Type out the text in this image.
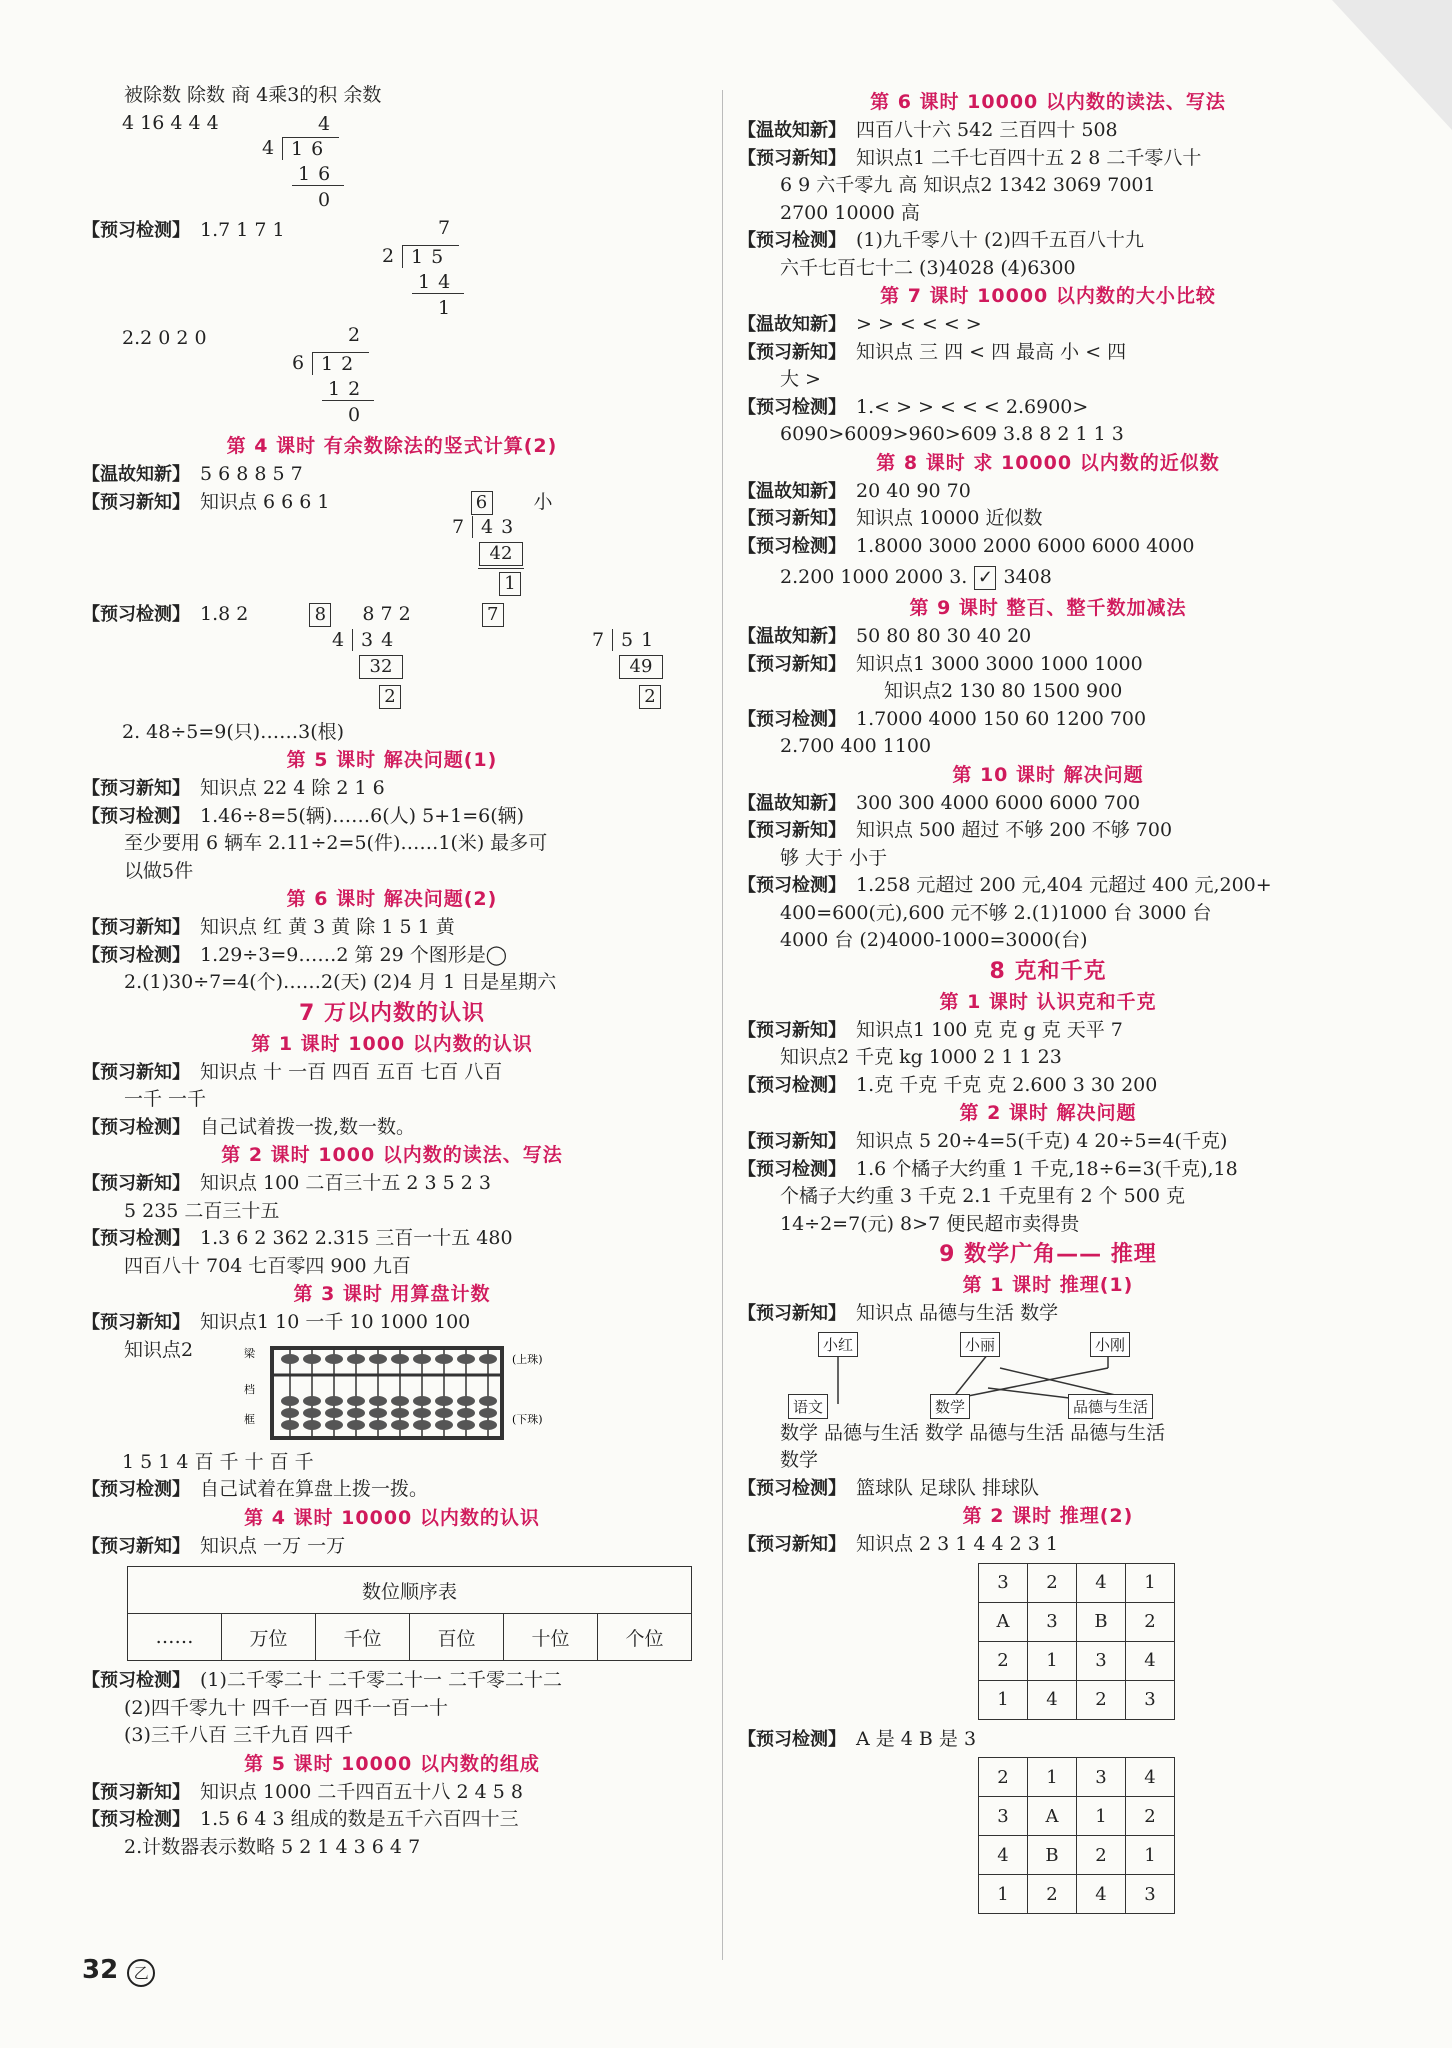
被除数 除数 商 4乘3的积 余数
4 16 4 4 4
4 16
4
16
0
【预习检测】 1.7 1 7 1
2 15
7
14
1
2.2 0 2 0
6 12
2
12
0
第 4 课时 有余数除法的竖式计算(2)
【温故知新】 5 6 8 8 5 7
【预习新知】 知识点 6 6 6 1	6 小
7 43
42
1
【预习检测】 1.8 2	8 8 7 2	7
4 34
32
2
7 51
49
2
2. 48÷5=9(只)……3(根)
第 5 课时 解决问题(1)
【预习新知】 知识点 22 4 除 2 1 6
【预习检测】 1.46÷8=5(辆)……6(人) 5+1=6(辆)
至少要用 6 辆车 2.11÷2=5(件)……1(米) 最多可
以做5件
第 6 课时 解决问题(2)
【预习新知】 知识点 红 黄 3 黄 除 1 5 1 黄
【预习检测】 1.29÷3=9……2 第 29 个图形是◯
2.(1)30÷7=4(个)……2(天) (2)4 月 1 日是星期六
7 万以内数的认识
第 1 课时 1000 以内数的认识
【预习新知】 知识点 十 一百 四百 五百 七百 八百
一千 一千
【预习检测】 自己试着拨一拨,数一数。
第 2 课时 1000 以内数的读法、写法
【预习新知】 知识点 100 二百三十五 2 3 5 2 3
5 235 二百三十五
【预习检测】 1.3 6 2 362 2.315 三百一十五 480
四百八十 704 七百零四 900 九百
第 3 课时 用算盘计数
【预习新知】 知识点1 10 一千 10 1000 100
知识点2	梁
档
框
(上珠)
(下珠)
1 5 1 4 百 千 十 百 千
【预习检测】 自己试着在算盘上拨一拨。
第 4 课时 10000 以内数的认识
【预习新知】 知识点 一万 一万
数位顺序表
……	万位	千位	百位	十位	个位
【预习检测】 (1)二千零二十 二千零二十一 二千零二十二
(2)四千零九十 四千一百 四千一百一十
(3)三千八百 三千九百 四千
第 5 课时 10000 以内数的组成
【预习新知】 知识点 1000 二千四百五十八 2 4 5 8
【预习检测】 1.5 6 4 3 组成的数是五千六百四十三
2.计数器表示数略 5 2 1 4 3 6 4 7
第 6 课时 10000 以内数的读法、写法
【温故知新】 四百八十六 542 三百四十 508
【预习新知】 知识点1 二千七百四十五 2 8 二千零八十
6 9 六千零九 高 知识点2 1342 3069 7001
2700 10000 高
【预习检测】 (1)九千零八十 (2)四千五百八十九
六千七百七十二 (3)4028 (4)6300
第 7 课时 10000 以内数的大小比较
【温故知新】 > > < < < >
【预习新知】 知识点 三 四 < 四 最高 小 < 四
大 >
【预习检测】 1.< > > < < < 2.6900>
6090>6009>960>609 3.8 8 2 1 1 3
第 8 课时 求 10000 以内数的近似数
【温故知新】 20 40 90 70
【预习新知】 知识点 10000 近似数
【预习检测】 1.8000 3000 2000 6000 6000 4000
2.200 1000 2000 3. ✓ 3408
第 9 课时 整百、整千数加减法
【温故知新】 50 80 80 30 40 20
【预习新知】 知识点1 3000 3000 1000 1000
知识点2 130 80 1500 900
【预习检测】 1.7000 4000 150 60 1200 700
2.700 400 1100
第 10 课时 解决问题
【温故知新】 300 300 4000 6000 6000 700
【预习新知】 知识点 500 超过 不够 200 不够 700
够 大于 小于
【预习检测】 1.258 元超过 200 元,404 元超过 400 元,200+
400=600(元),600 元不够 2.(1)1000 台 3000 台
4000 台 (2)4000-1000=3000(台)
8 克和千克
第 1 课时 认识克和千克
【预习新知】 知识点1 100 克 克 g 克 天平 7
知识点2 千克 kg 1000 2 1 1 23
【预习检测】 1.克 千克 千克 克 2.600 3 30 200
第 2 课时 解决问题
【预习新知】 知识点 5 20÷4=5(千克) 4 20÷5=4(千克)
【预习检测】 1.6 个橘子大约重 1 千克,18÷6=3(千克),18
个橘子大约重 3 千克 2.1 千克里有 2 个 500 克
14÷2=7(元) 8>7 便民超市卖得贵
9 数学广角—— 推理
第 1 课时 推理(1)
【预习新知】 知识点 品德与生活 数学
小红	小丽	小刚
语文	数学	品德与生活
数学 品德与生活 数学 品德与生活 品德与生活
数学
【预习检测】 篮球队 足球队 排球队
第 2 课时 推理(2)
【预习新知】 知识点 2 3 1 4 4 2 3 1
3	2	4	1
A	3	B	2
2	1	3	4
1	4	2	3
【预习检测】 A 是 4 B 是 3
2	1	3	4
3	A	1	2
4	B	2	1
1	2	4	3
32 乙
